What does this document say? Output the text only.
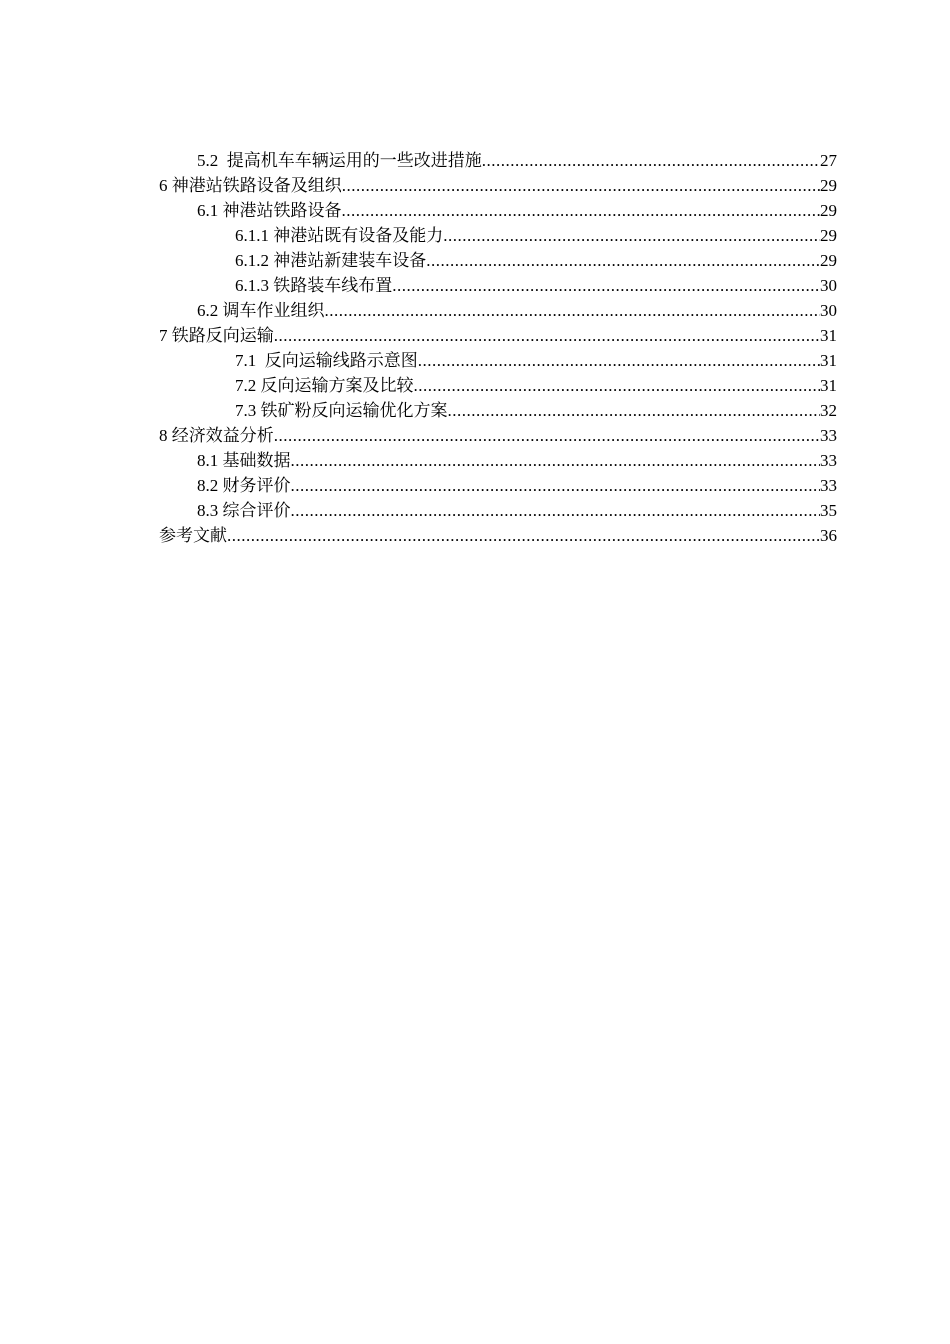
5.2  提高机车车辆运用的一些改进措施 .....	27
6 神港站铁路设备及组织 .....	29
6.1 神港站铁路设备 .....	29
6.1.1 神港站既有设备及能力 .....	29
6.1.2 神港站新建装车设备 .....	29
6.1.3 铁路装车线布置 .....	30
6.2 调车作业组织 .....	30
7 铁路反向运输 .....	31
7.1  反向运输线路示意图 .....	31
7.2 反向运输方案及比较 .....	31
7.3 铁矿粉反向运输优化方案 .....	32
8 经济效益分析 .....	33
8.1 基础数据 .....	33
8.2 财务评价 .....	33
8.3 综合评价 .....	35
参考文献 .....	36
